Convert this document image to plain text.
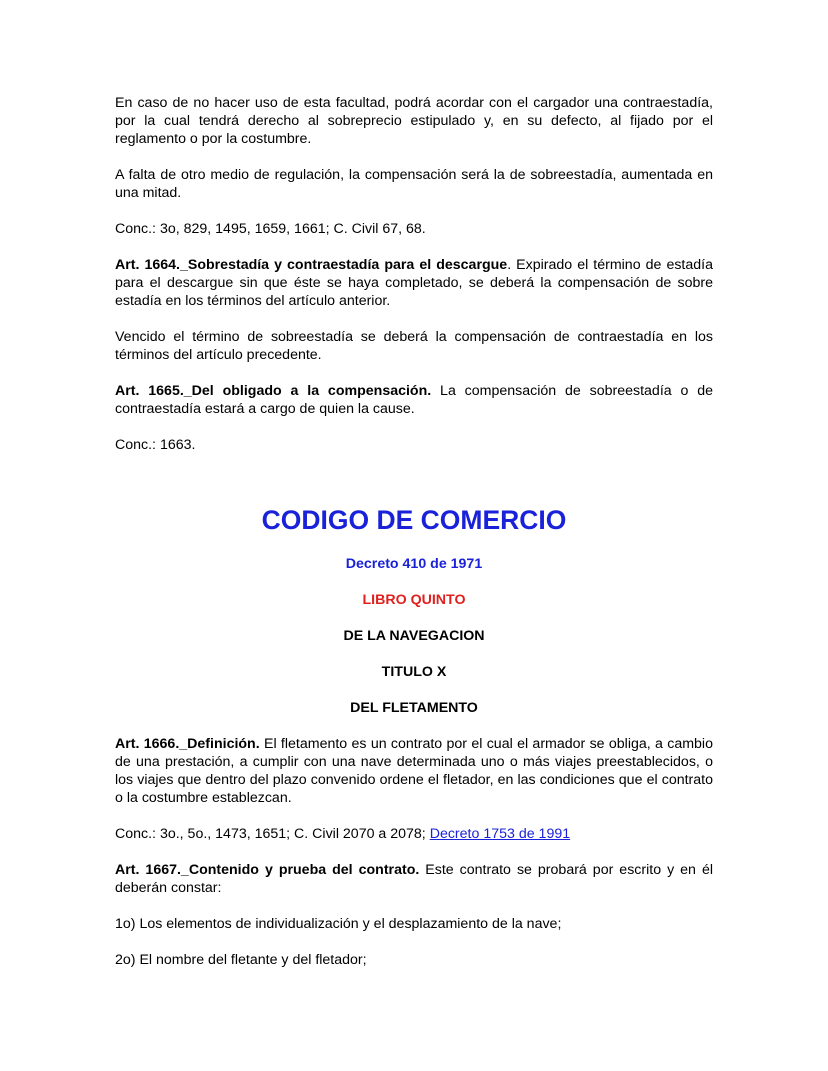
En caso de no hacer uso de esta facultad, podrá acordar con el cargador una contraestadía, por la cual tendrá derecho al sobreprecio estipulado y, en su defecto, al fijado por el reglamento o por la costumbre.

A falta de otro medio de regulación, la compensación será la de sobreestadía, aumentada en una mitad.

Conc.: 3o, 829, 1495, 1659, 1661; C. Civil 67, 68.

Art. 1664._Sobrestadía y contraestadía para el descargue. Expirado el término de estadía para el descargue sin que éste se haya completado, se deberá la compensación de sobre estadía en los términos del artículo anterior.

Vencido el término de sobreestadía se deberá la compensación de contraestadía en los términos del artículo precedente.

Art. 1665._Del obligado a la compensación. La compensación de sobreestadía o de contraestadía estará a cargo de quien la cause.

Conc.: 1663.

CODIGO DE COMERCIO

Decreto 410 de 1971

LIBRO QUINTO

DE LA NAVEGACION

TITULO X

DEL FLETAMENTO

Art. 1666._Definición. El fletamento es un contrato por el cual el armador se obliga, a cambio de una prestación, a cumplir con una nave determinada uno o más viajes preestablecidos, o los viajes que dentro del plazo convenido ordene el fletador, en las condiciones que el contrato o la costumbre establezcan.

Conc.: 3o., 5o., 1473, 1651; C. Civil 2070 a 2078; Decreto 1753 de 1991

Art. 1667._Contenido y prueba del contrato. Este contrato se probará por escrito y en él deberán constar:

1o) Los elementos de individualización y el desplazamiento de la nave;

2o) El nombre del fletante y del fletador;
